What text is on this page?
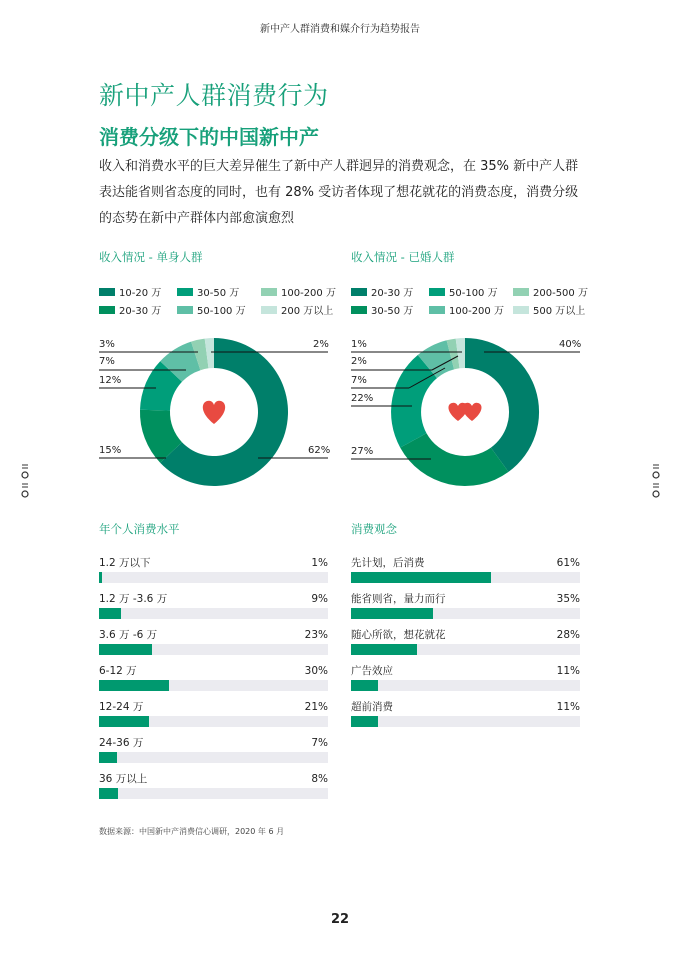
新中产人群消费和媒介行为趋势报告
新中产人群消费行为
消费分级下的中国新中产

收入和消费水平的巨大差异催生了新中产人群迥异的消费观念，在 35% 新中产人群表达能省则省态度的同时，也有 28% 受访者体现了想花就花的消费态度，消费分级的态势在新中产群体内部愈演愈烈

收入情况 - 单身人群
10-20 万	30-50 万	100-200 万
20-30 万	50-100 万	200 万以上
3%
7%
12%
15%
2%
62%
收入情况 - 已婚人群
20-30 万	50-100 万	200-500 万
30-50 万	100-200 万	500 万以上
1%
2%
7%
22%
27%
40%
年个人消费水平
1.2 万以下	1%
1.2 万 -3.6 万	9%
3.6 万 -6 万	23%
6-12 万	30%
12-24 万	21%
24-36 万	7%
36 万以上	8%
消费观念
先计划，后消费	61%
能省则省，量力而行	35%
随心所欲，想花就花	28%
广告效应	11%
超前消费	11%
数据来源：中国新中产消费信心调研，2020 年 6 月
22
